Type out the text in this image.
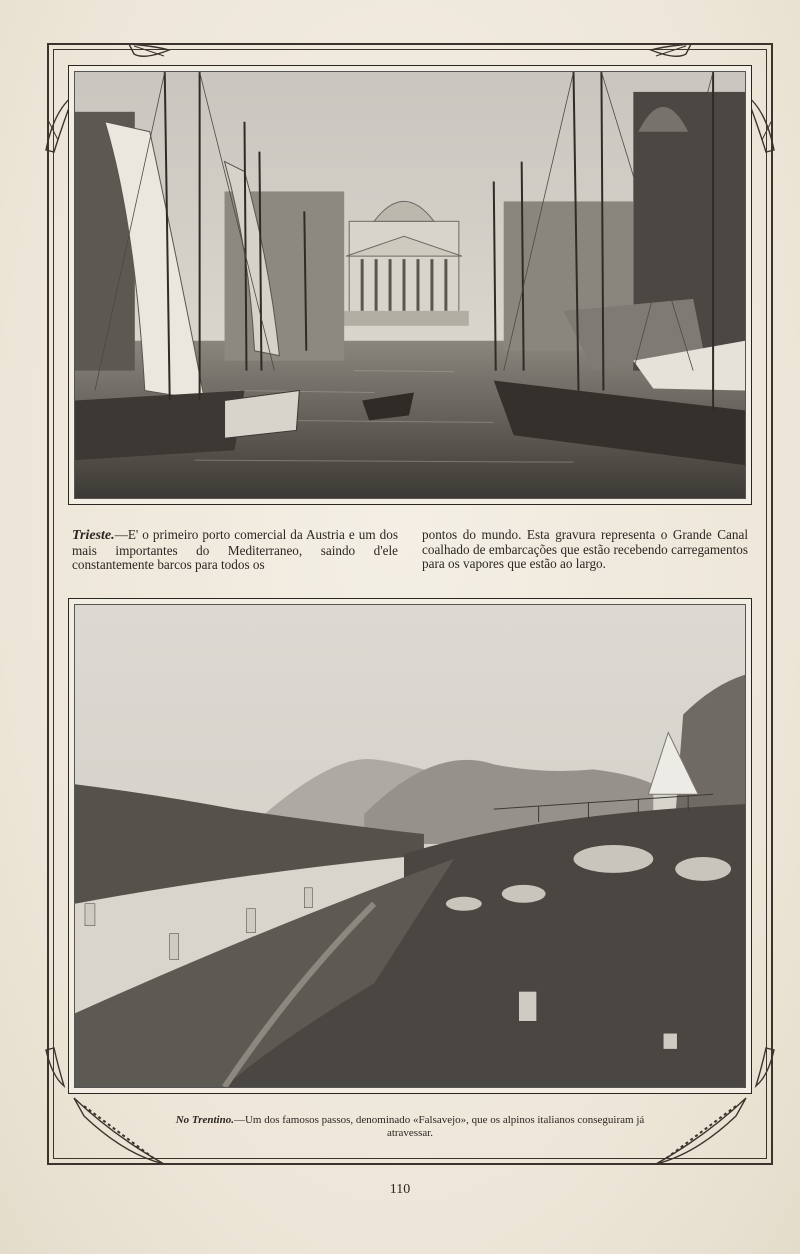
Trieste.—E' o primeiro porto comercial da Austria e um dos mais importantes do Mediterraneo, saindo d'ele constantemente barcos para todos os

pontos do mundo. Esta gravura representa o Grande Canal coalhado de embarcações que estão recebendo carregamentos para os vapores que estão ao largo.

No Trentino.—Um dos famosos passos, denominado «Falsavejo», que os alpinos italianos conseguiram já atravessar.
110
